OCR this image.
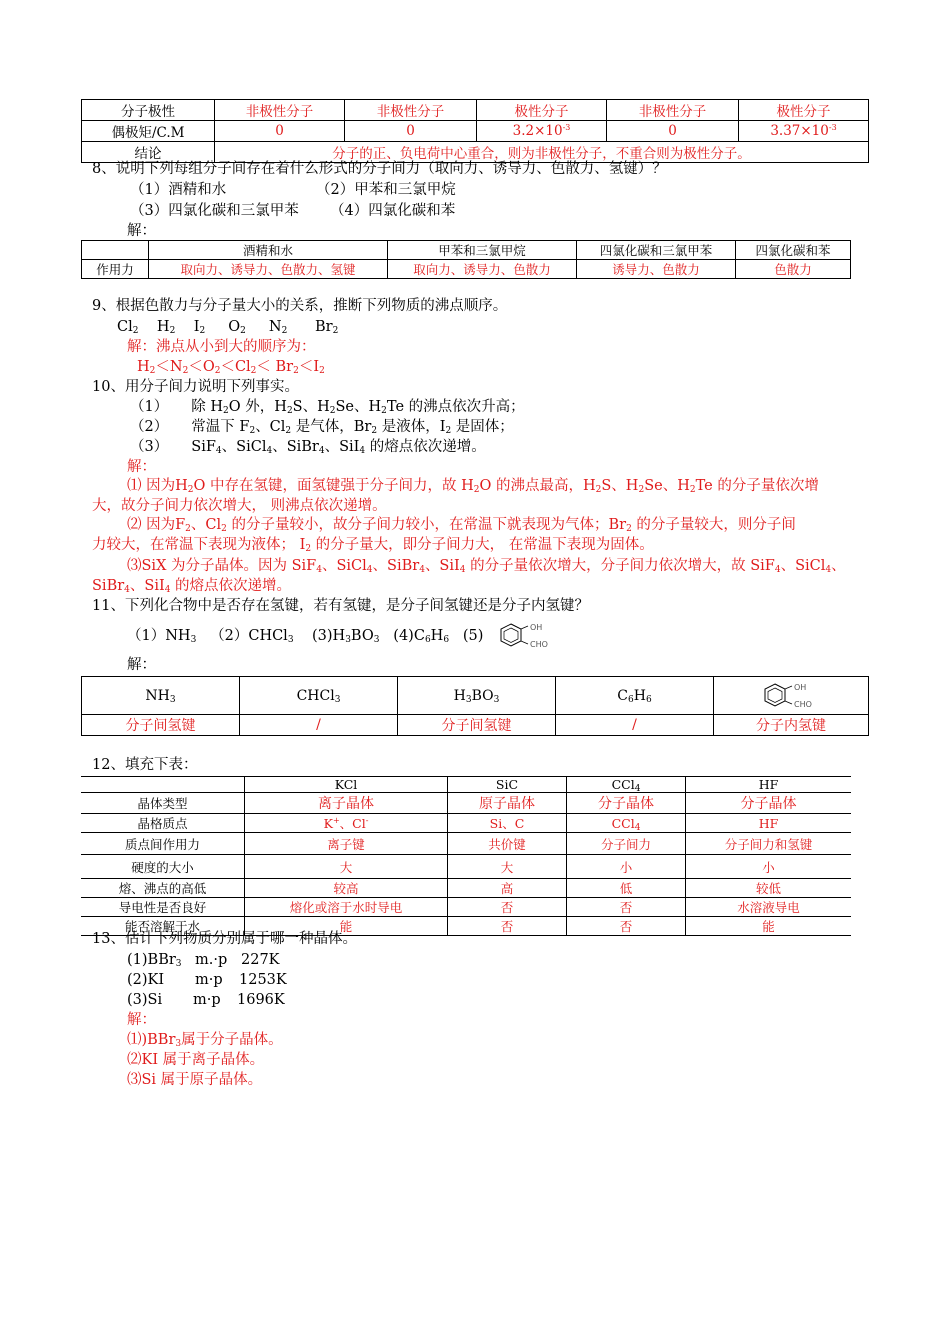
分子极性	非极性分子	非极性分子	极性分子	非极性分子	极性分子
偶极矩/C.M	0	0	$3.2\times 10^{-3}$	0	$3.37\times 10^{-3}$
结论	分子的正、负电荷中心重合，则为非极性分子，不重合则为极性分子。				
8、说明下列每组分子间存在着什么形式的分子间力（取向力、诱导力、色散力、氢键）？
（1）酒精和水	（2）甲苯和三氯甲烷
（3）四氯化碳和三氯甲苯 （4）四氯化碳和苯
解：
	酒精和水	甲苯和三氯甲烷	四氯化碳和三氯甲苯	四氯化碳和苯
作用力	取向力、诱导力、色散力、氢键	取向力、诱导力、色散力	诱导力、色散力	色散力
9、根据色散力与分子量大小的关系，推断下列物质的沸点顺序。
$Cl_2$ $H_2$ $I_2$ $O_2$ $N_2$ $Br_2$
解：沸点从小到大的顺序为：
$H_2<N_2<O_2<Cl_2< Br_2<I_2$
10、用分子间力说明下列事实。
（1）     除 $H_2O$ 外，$H_2S$、$H_2Se$、$H_2Te$ 的沸点依次升高；
（2）     常温下 $F_2$、$Cl_2$ 是气体，$Br_2$ 是液体，$I_2$ 是固体；
（3）     SiF$_4$、SiCl$_4$、SiBr$_4$、SiI$_4$ 的熔点依次递增。
解：
⑴ 因为$H_2O$ 中存在氢键，面氢键强于分子间力，故 $H_2O$ 的沸点最高，$H_2S$、$H_2Se$、$H_2Te$ 的分子量依次增
大，故分子间力依次增大， 则沸点依次递增。
⑵ 因为$F_2$、$Cl_2$ 的分子量较小，故分子间力较小，在常温下就表现为气体；$Br_2$ 的分子量较大，则分子间
力较大，在常温下表现为液体； $I_2$ 的分子量大，即分子间力大， 在常温下表现为固体。
⑶SiX 为分子晶体。因为 SiF$_4$、SiCl$_4$、SiBr$_4$、SiI$_4$ 的分子量依次增大，分子间力依次增大，故 SiF$_4$、SiCl$_4$、
SiBr$_4$、SiI$_4$ 的熔点依次递增。
11、下列化合物中是否存在氢键，若有氢键，是分子间氢键还是分子内氢键？
$(1)NH_3$ （2）CHCl$_3$ $(3)H_3BO_3$ $(4)C_6H_6$ (5)
OH
CHO
解：
$NH_3$	CHCl$_3$	$H_3BO_3$	$C_6H_6$	OH
CHO

分子间氢键	/	分子间氢键	/	分子内氢键
12、填充下表：
	KCl	SiC	CCl$_4$	HF
晶体类型	离子晶体	原子晶体	分子晶体	分子晶体
晶格质点	K+、Cl-	Si、C	CCl$_4$	HF
质点间作用力	离子键	共价键	分子间力	分子间力和氢键
硬度的大小	大	大	小	小
熔、沸点的高低	较高	高	低	较低
导电性是否良好	熔化或溶于水时导电	否	否	水溶液导电
能否溶解于水	能	否	否	能
13、估计下列物质分别属于哪一种晶体。
(1)BBr$_3$ m.·p 227K
(2)KI m·p 1253K
(3)Si m·p 1696K
解：
⑴)BBr$_3$属于分子晶体。
⑵KI 属于离子晶体。
⑶Si 属于原子晶体。
